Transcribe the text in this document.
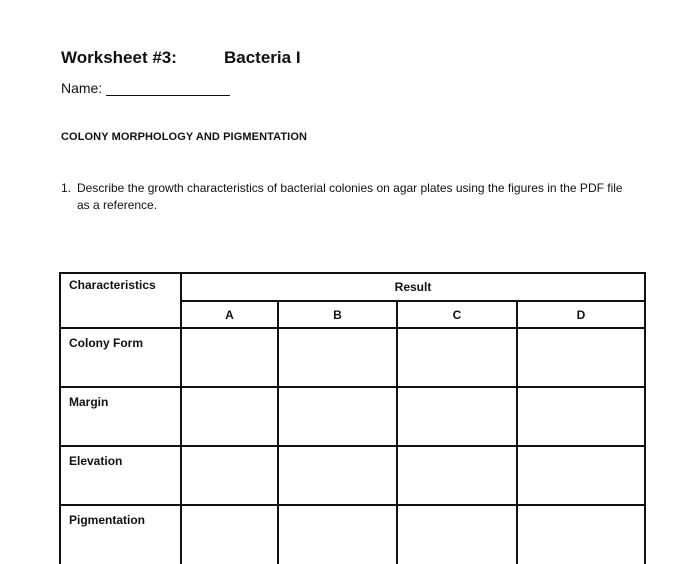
Worksheet #3:	Bacteria I
Name:
COLONY MORPHOLOGY AND PIGMENTATION
1. Describe the growth characteristics of bacterial colonies on agar plates using the figures in the PDF file as a reference.
Characteristics	Result			
	A	B	C	D
Colony Form				
Margin				
Elevation				
Pigmentation				
